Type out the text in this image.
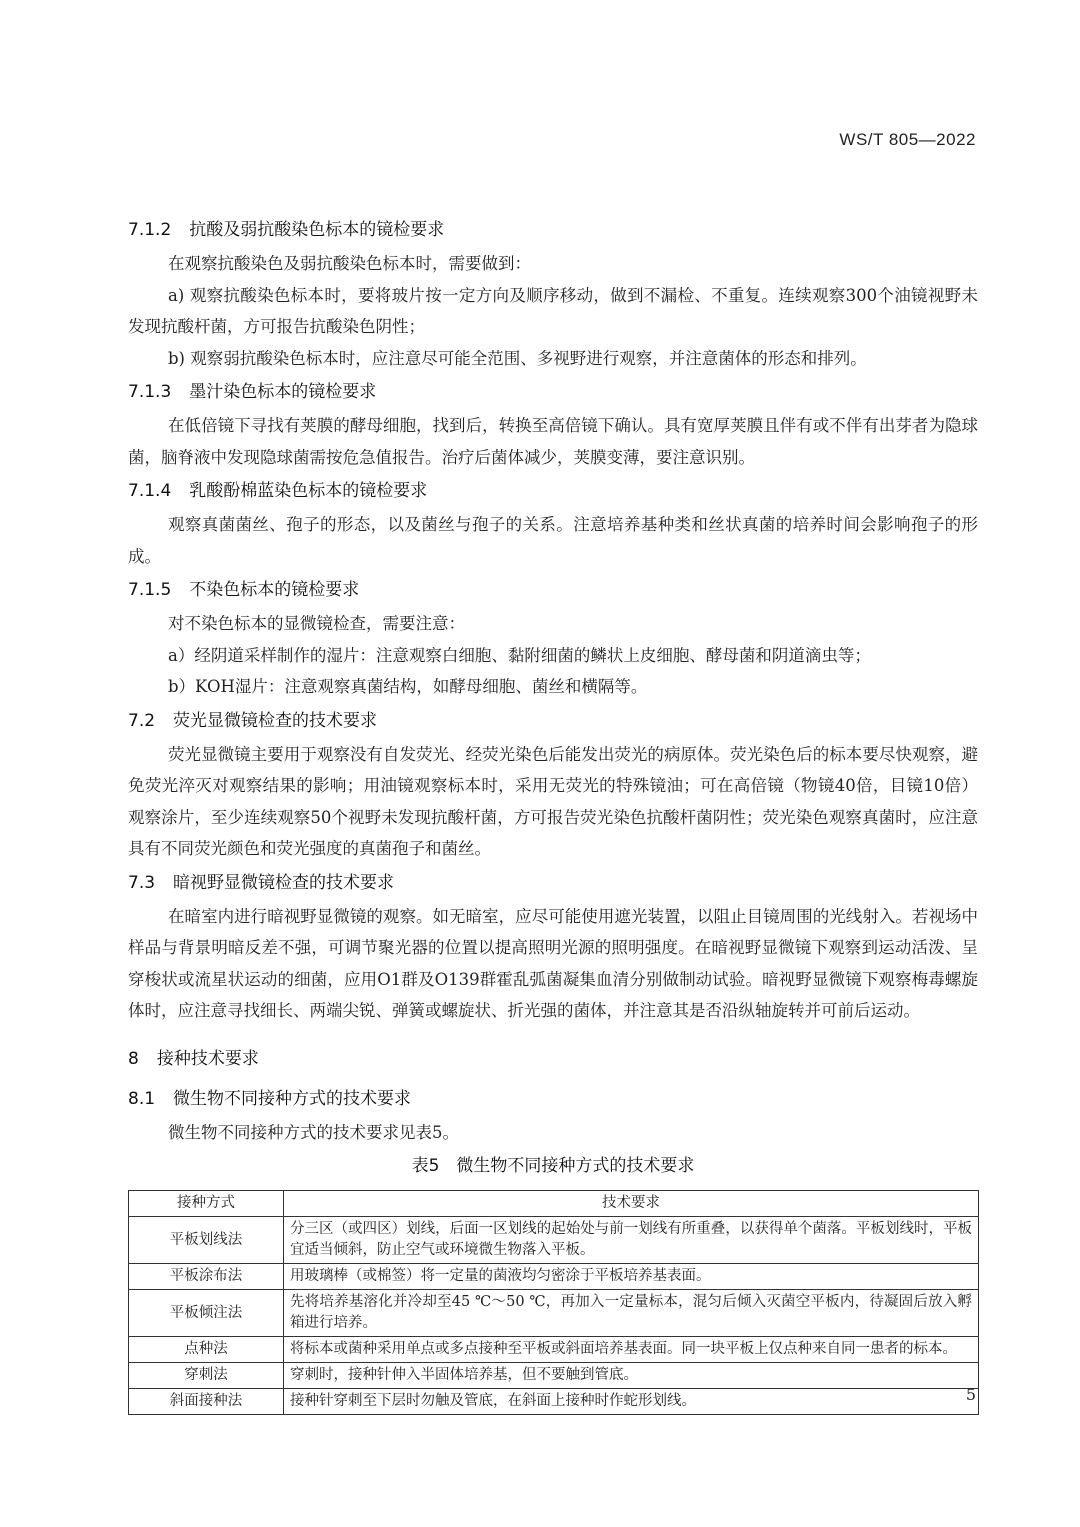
WS/T 805—2022
7.1.2 抗酸及弱抗酸染色标本的镜检要求

在观察抗酸染色及弱抗酸染色标本时，需要做到：

a) 观察抗酸染色标本时，要将玻片按一定方向及顺序移动，做到不漏检、不重复。连续观察300个油镜视野未发现抗酸杆菌，方可报告抗酸染色阴性；

b) 观察弱抗酸染色标本时，应注意尽可能全范围、多视野进行观察，并注意菌体的形态和排列。

7.1.3 墨汁染色标本的镜检要求

在低倍镜下寻找有荚膜的酵母细胞，找到后，转换至高倍镜下确认。具有宽厚荚膜且伴有或不伴有出芽者为隐球菌，脑脊液中发现隐球菌需按危急值报告。治疗后菌体减少，荚膜变薄，要注意识别。

7.1.4 乳酸酚棉蓝染色标本的镜检要求

观察真菌菌丝、孢子的形态，以及菌丝与孢子的关系。注意培养基种类和丝状真菌的培养时间会影响孢子的形成。

7.1.5 不染色标本的镜检要求

对不染色标本的显微镜检查，需要注意：

a）经阴道采样制作的湿片：注意观察白细胞、黏附细菌的鳞状上皮细胞、酵母菌和阴道滴虫等；

b）KOH湿片：注意观察真菌结构，如酵母细胞、菌丝和横隔等。

7.2 荧光显微镜检查的技术要求

荧光显微镜主要用于观察没有自发荧光、经荧光染色后能发出荧光的病原体。荧光染色后的标本要尽快观察，避免荧光淬灭对观察结果的影响；用油镜观察标本时，采用无荧光的特殊镜油；可在高倍镜（物镜40倍，目镜10倍）观察涂片，至少连续观察50个视野未发现抗酸杆菌，方可报告荧光染色抗酸杆菌阴性；荧光染色观察真菌时，应注意具有不同荧光颜色和荧光强度的真菌孢子和菌丝。

7.3 暗视野显微镜检查的技术要求

在暗室内进行暗视野显微镜的观察。如无暗室，应尽可能使用遮光装置，以阻止目镜周围的光线射入。若视场中样品与背景明暗反差不强，可调节聚光器的位置以提高照明光源的照明强度。在暗视野显微镜下观察到运动活泼、呈穿梭状或流星状运动的细菌，应用O1群及O139群霍乱弧菌凝集血清分别做制动试验。暗视野显微镜下观察梅毒螺旋体时，应注意寻找细长、两端尖锐、弹簧或螺旋状、折光强的菌体，并注意其是否沿纵轴旋转并可前后运动。

8 接种技术要求
8.1 微生物不同接种方式的技术要求

微生物不同接种方式的技术要求见表5。

表5　微生物不同接种方式的技术要求
接种方式	技术要求
平板划线法	分三区（或四区）划线，后面一区划线的起始处与前一划线有所重叠，以获得单个菌落。平板划线时，平板宜适当倾斜，防止空气或环境微生物落入平板。
平板涂布法	用玻璃棒（或棉签）将一定量的菌液均匀密涂于平板培养基表面。
平板倾注法	先将培养基溶化并冷却至45 ℃～50 ℃，再加入一定量标本，混匀后倾入灭菌空平板内，待凝固后放入孵箱进行培养。
点种法	将标本或菌种采用单点或多点接种至平板或斜面培养基表面。同一块平板上仅点种来自同一患者的标本。
穿刺法	穿刺时，接种针伸入半固体培养基，但不要触到管底。
斜面接种法	接种针穿刺至下层时勿触及管底，在斜面上接种时作蛇形划线。	5
